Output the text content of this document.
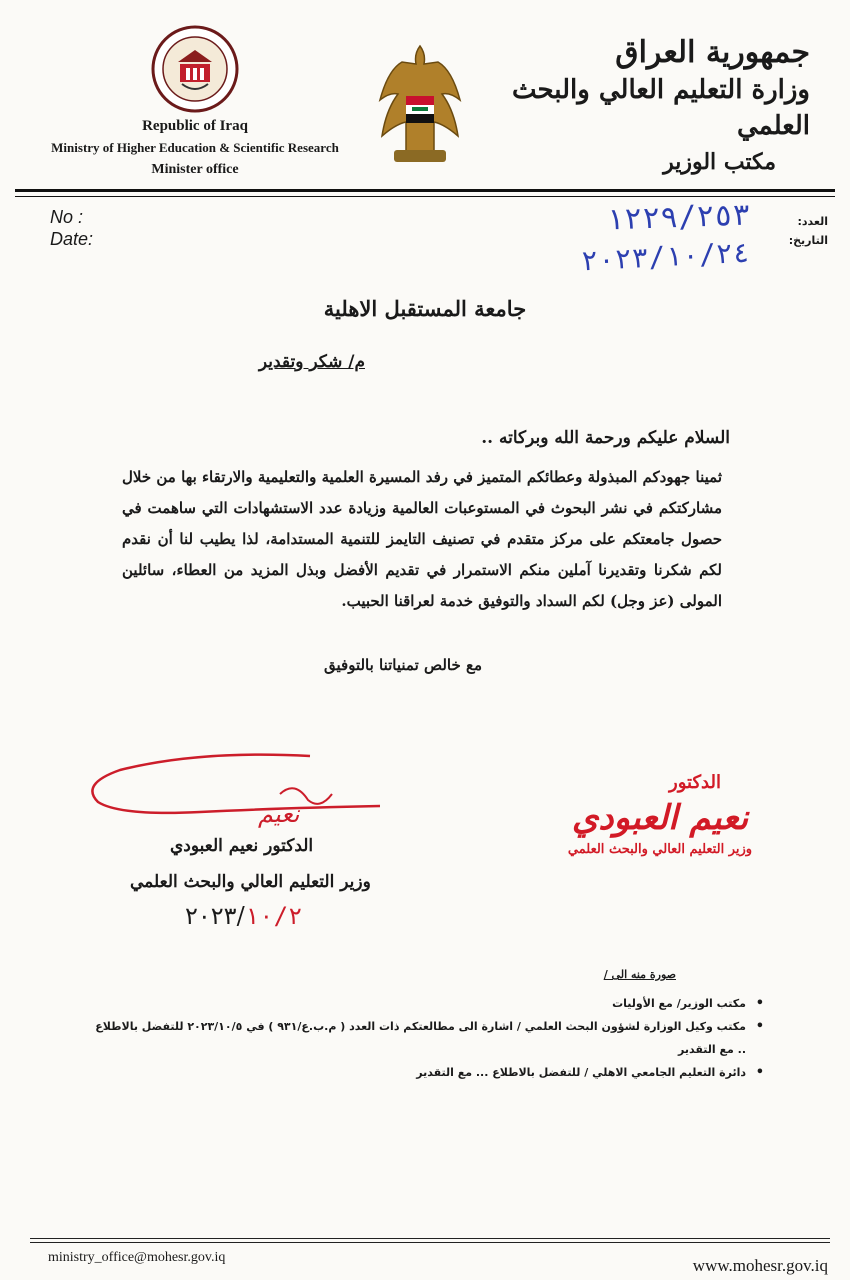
جمهورية العراق
وزارة التعليم العالي والبحث العلمي
مكتب الوزير
Republic of Iraq
Ministry of Higher Education & Scientific Research
Minister office
No :
Date:
العدد:
التاريخ:
١٢٢٩/٢٥٣
٢٠٢٣/١٠/٢٤
جامعة المستقبل الاهلية
م/ شكر وتقدير
السلام عليكم ورحمة الله وبركاته ..
ثمينا جهودكم المبذولة وعطائكم المتميز في رفد المسيرة العلمية والتعليمية والارتقاء بها من خلال مشاركتكم في نشر البحوث في المستوعبات العالمية وزيادة عدد الاستشهادات التي ساهمت في حصول جامعتكم على مركز متقدم في تصنيف التايمز للتنمية المستدامة، لذا يطيب لنا أن نقدم لكم شكرنا وتقديرنا آملين منكم الاستمرار في تقديم الأفضل وبذل المزيد من العطاء، سائلين المولى (عز وجل) لكم السداد والتوفيق خدمة لعراقنا الحبيب.
مع خالص تمنياتنا بالتوفيق
نعيم
الدكتور نعيم العبودي
وزير التعليم العالي والبحث العلمي
٢٠٢٣/١٠/٢
الدكتور
نعيم العبودي
وزير التعليم العالي والبحث العلمي
صورة منه الى /
• مكتب الوزير/ مع الأوليات
• مكتب وكيل الوزارة لشؤون البحث العلمي / اشارة الى مطالعتكم ذات العدد ( م.ب.ع/٩٣١ ) في ٢٠٢٣/١٠/٥ للتفضل بالاطلاع .. مع التقدير
• دائرة التعليم الجامعي الاهلي / للتفضل بالاطلاع ... مع التقدير
ministry_office@mohesr.gov.iq	www.mohesr.gov.iq
